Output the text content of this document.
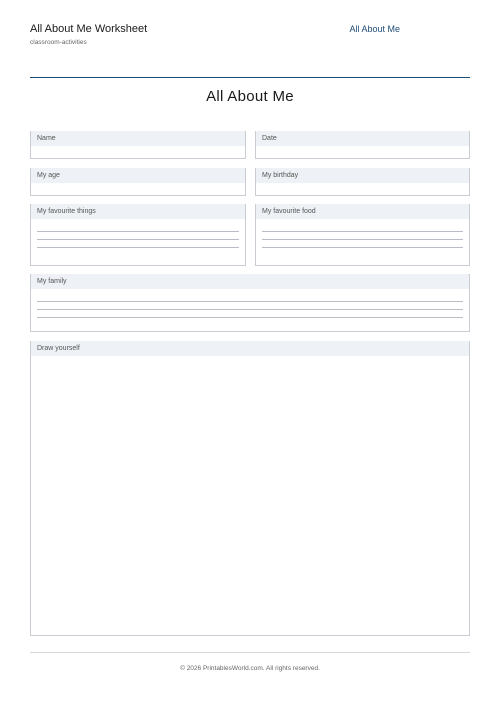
All About Me Worksheet
classroom-activities
All About Me
All About Me
Name	Date
My age	My birthday
My favourite things	My favourite food
My family
Draw yourself
© 2026 PrintablesWorld.com. All rights reserved.
